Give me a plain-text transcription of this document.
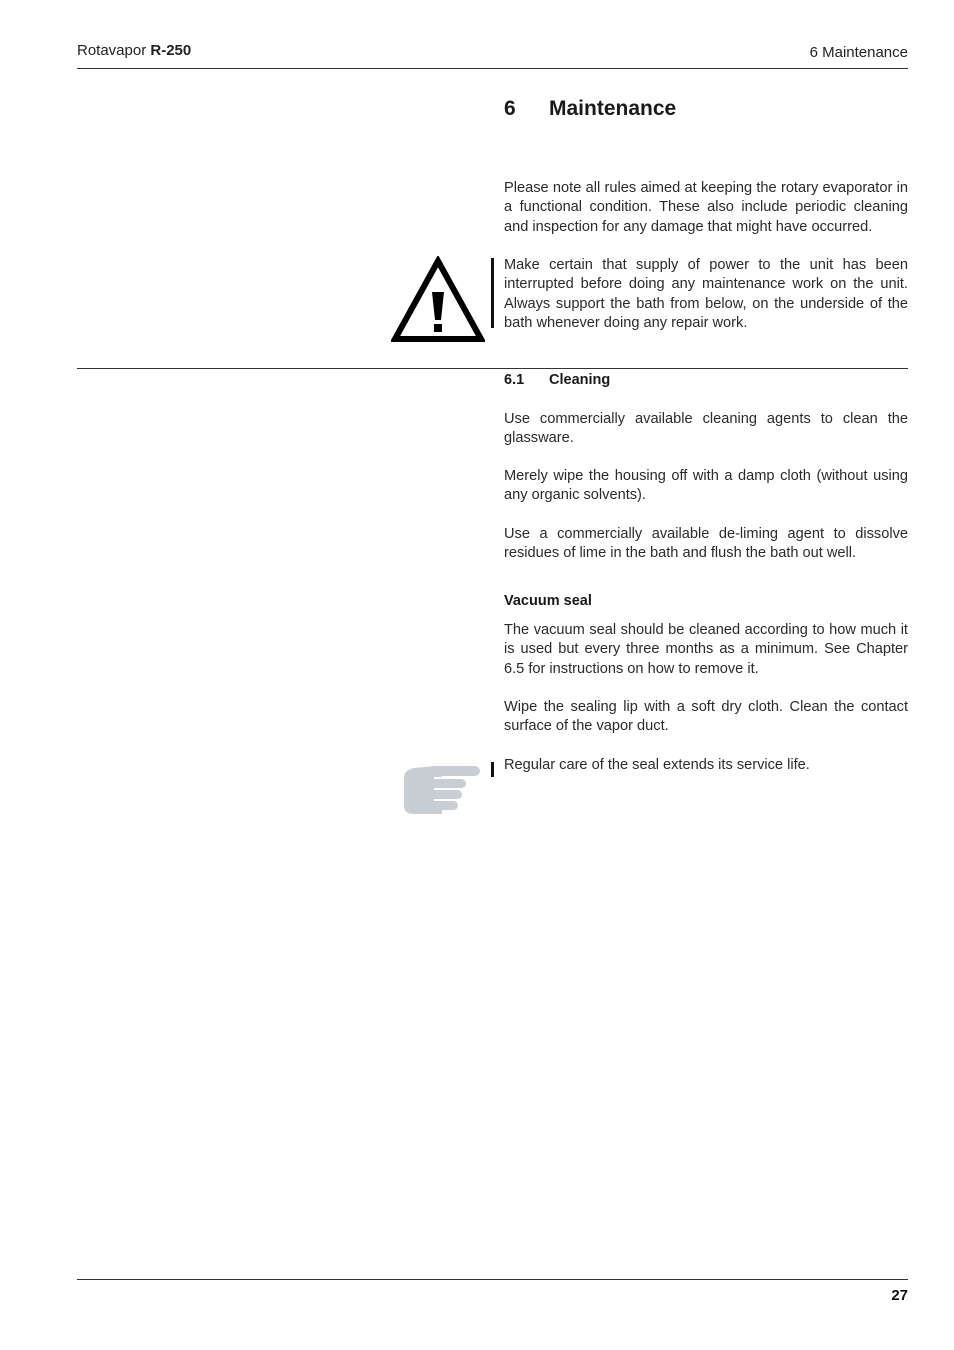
Rotavapor R-250	6 Maintenance
6 Maintenance

Please note all rules aimed at keeping the rotary evaporator in a functional condition. These also include periodic cleaning and inspection for any damage that might have occurred.

Make certain that supply of power to the unit has been interrupted before doing any maintenance work on the unit. Always support the bath from below, on the underside of the bath whenever doing any repair work.

6.1 Cleaning

Use commercially available cleaning agents to clean the glassware.

Merely wipe the housing off with a damp cloth (without using any organic solvents).

Use a commercially available de-liming agent to dissolve residues of lime in the bath and flush the bath out well.

Vacuum seal

The vacuum seal should be cleaned according to how much it is used but every three months as a minimum. See Chapter 6.5 for instructions on how to remove it.

Wipe the sealing lip with a soft dry cloth. Clean the contact surface of the vapor duct.

Regular care of the seal extends its service life.

27
